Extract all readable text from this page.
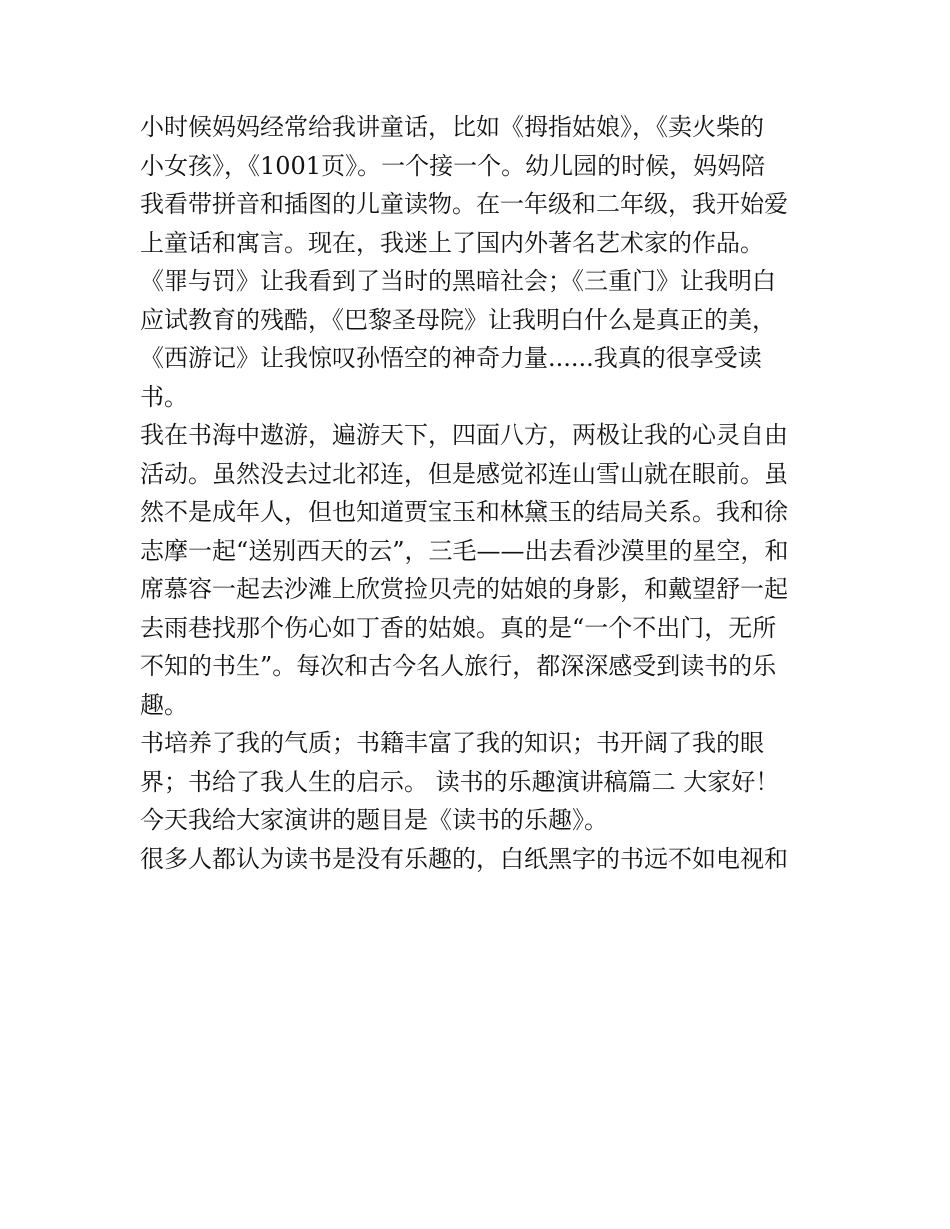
小时候妈妈经常给我讲童话，比如《拇指姑娘》，《卖火柴的
小女孩》，《1001页》。一个接一个。幼儿园的时候，妈妈陪
我看带拼音和插图的儿童读物。在一年级和二年级，我开始爱
上童话和寓言。现在，我迷上了国内外著名艺术家的作品。
《罪与罚》让我看到了当时的黑暗社会；《三重门》让我明白
应试教育的残酷，《巴黎圣母院》让我明白什么是真正的美，
《西游记》让我惊叹孙悟空的神奇力量......我真的很享受读
书。

我在书海中遨游，遍游天下，四面八方，两极让我的心灵自由
活动。虽然没去过北祁连，但是感觉祁连山雪山就在眼前。虽
然不是成年人，但也知道贾宝玉和林黛玉的结局关系。我和徐
志摩一起“送别西天的云”，三毛——出去看沙漠里的星空，和
席慕容一起去沙滩上欣赏捡贝壳的姑娘的身影，和戴望舒一起
去雨巷找那个伤心如丁香的姑娘。真的是“一个不出门，无所
不知的书生”。每次和古今名人旅行，都深深感受到读书的乐
趣。

书培养了我的气质；书籍丰富了我的知识；书开阔了我的眼
界；书给了我人生的启示。 读书的乐趣演讲稿篇二 大家好！
今天我给大家演讲的题目是《读书的乐趣》。

很多人都认为读书是没有乐趣的，白纸黑字的书远不如电视和
